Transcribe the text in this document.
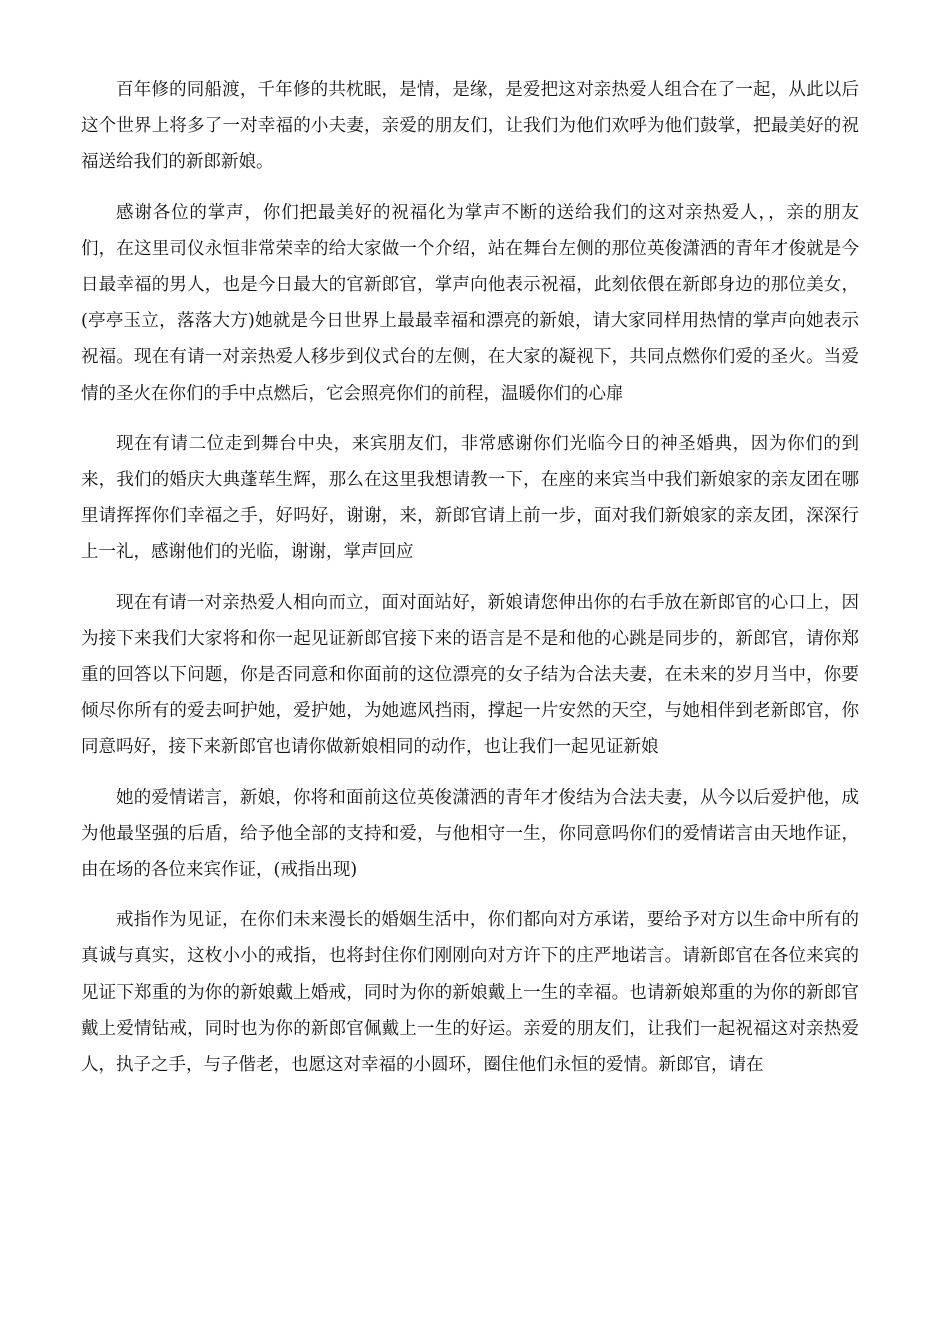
百年修的同船渡，千年修的共枕眠，是情，是缘，是爱把这对亲热爱人组合在了一起，从此以后这个世界上将多了一对幸福的小夫妻，亲爱的朋友们，让我们为他们欢呼为他们鼓掌，把最美好的祝福送给我们的新郎新娘。

感谢各位的掌声，你们把最美好的祝福化为掌声不断的送给我们的这对亲热爱人，，亲的朋友们，在这里司仪永恒非常荣幸的给大家做一个介绍，站在舞台左侧的那位英俊潇洒的青年才俊就是今日最幸福的男人，也是今日最大的官新郎官，掌声向他表示祝福，此刻依偎在新郎身边的那位美女，(亭亭玉立，落落大方)她就是今日世界上最最幸福和漂亮的新娘，请大家同样用热情的掌声向她表示祝福。现在有请一对亲热爱人移步到仪式台的左侧，在大家的凝视下，共同点燃你们爱的圣火。当爱情的圣火在你们的手中点燃后，它会照亮你们的前程，温暖你们的心扉

现在有请二位走到舞台中央，来宾朋友们，非常感谢你们光临今日的神圣婚典，因为你们的到来，我们的婚庆大典蓬荜生辉，那么在这里我想请教一下，在座的来宾当中我们新娘家的亲友团在哪里请挥挥你们幸福之手，好吗好，谢谢，来，新郎官请上前一步，面对我们新娘家的亲友团，深深行上一礼，感谢他们的光临，谢谢，掌声回应

现在有请一对亲热爱人相向而立，面对面站好，新娘请您伸出你的右手放在新郎官的心口上，因为接下来我们大家将和你一起见证新郎官接下来的语言是不是和他的心跳是同步的，新郎官，请你郑重的回答以下问题，你是否同意和你面前的这位漂亮的女子结为合法夫妻，在未来的岁月当中，你要倾尽你所有的爱去呵护她，爱护她，为她遮风挡雨，撑起一片安然的天空，与她相伴到老新郎官，你同意吗好，接下来新郎官也请你做新娘相同的动作，也让我们一起见证新娘

她的爱情诺言，新娘，你将和面前这位英俊潇洒的青年才俊结为合法夫妻，从今以后爱护他，成为他最坚强的后盾，给予他全部的支持和爱，与他相守一生，你同意吗你们的爱情诺言由天地作证，由在场的各位来宾作证，(戒指出现)

戒指作为见证，在你们未来漫长的婚姻生活中，你们都向对方承诺，要给予对方以生命中所有的真诚与真实，这枚小小的戒指，也将封住你们刚刚向对方许下的庄严地诺言。请新郎官在各位来宾的见证下郑重的为你的新娘戴上婚戒，同时为你的新娘戴上一生的幸福。也请新娘郑重的为你的新郎官戴上爱情钻戒，同时也为你的新郎官佩戴上一生的好运。亲爱的朋友们，让我们一起祝福这对亲热爱人，执子之手，与子偕老，也愿这对幸福的小圆环，圈住他们永恒的爱情。新郎官，请在
